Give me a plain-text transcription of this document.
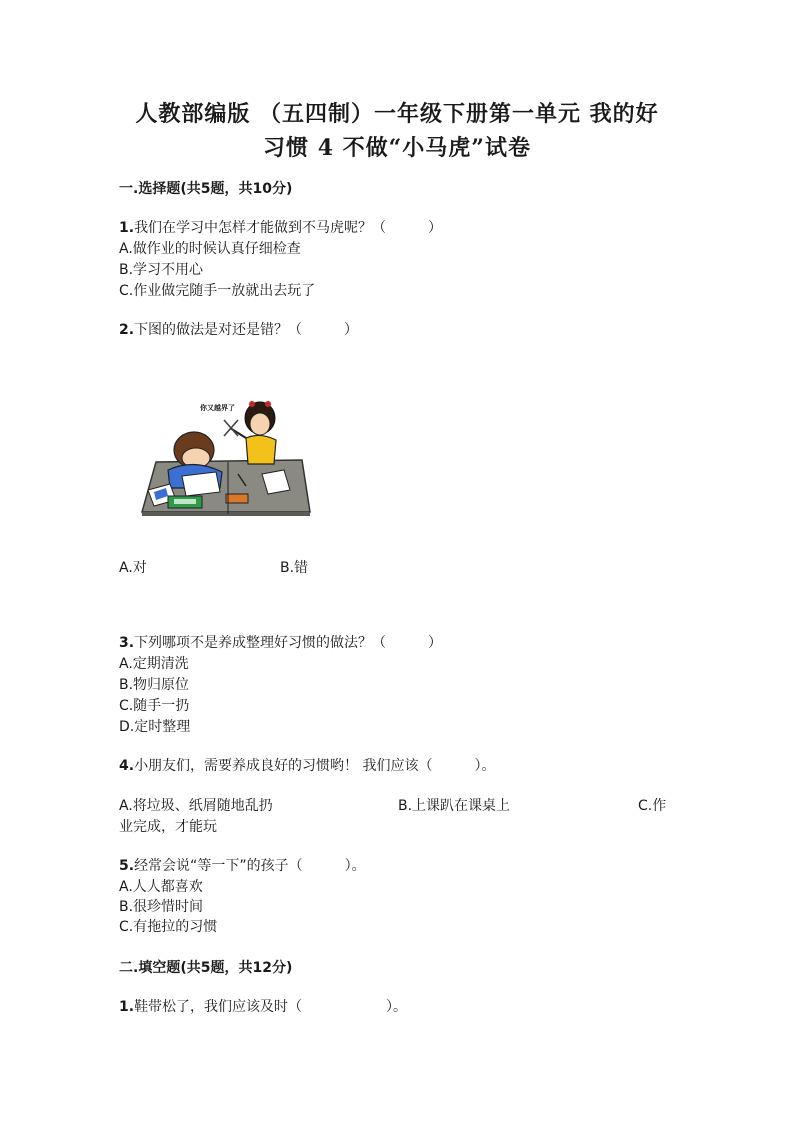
人教部编版 （五四制）一年级下册第一单元 我的好
习惯 4 不做“小马虎”试卷
一.选择题(共5题，共10分)
1.我们在学习中怎样才能做到不马虎呢？（　　　）
A.做作业的时候认真仔细检查
B.学习不用心
C.作业做完随手一放就出去玩了
2.下图的做法是对还是错？（　　　）
你又越界了
A.对	B.错
3.下列哪项不是养成整理好习惯的做法？（　　　）
A.定期清洗
B.物归原位
C.随手一扔
D.定时整理
4.小朋友们，需要养成良好的习惯哟！ 我们应该（　　　）。
A.将垃圾、纸屑随地乱扔	B.上课趴在课桌上	C.作
业完成，才能玩
5.经常会说“等一下”的孩子（　　　）。
A.人人都喜欢
B.很珍惜时间
C.有拖拉的习惯
二.填空题(共5题，共12分)
1.鞋带松了，我们应该及时（　　　　　　）。
